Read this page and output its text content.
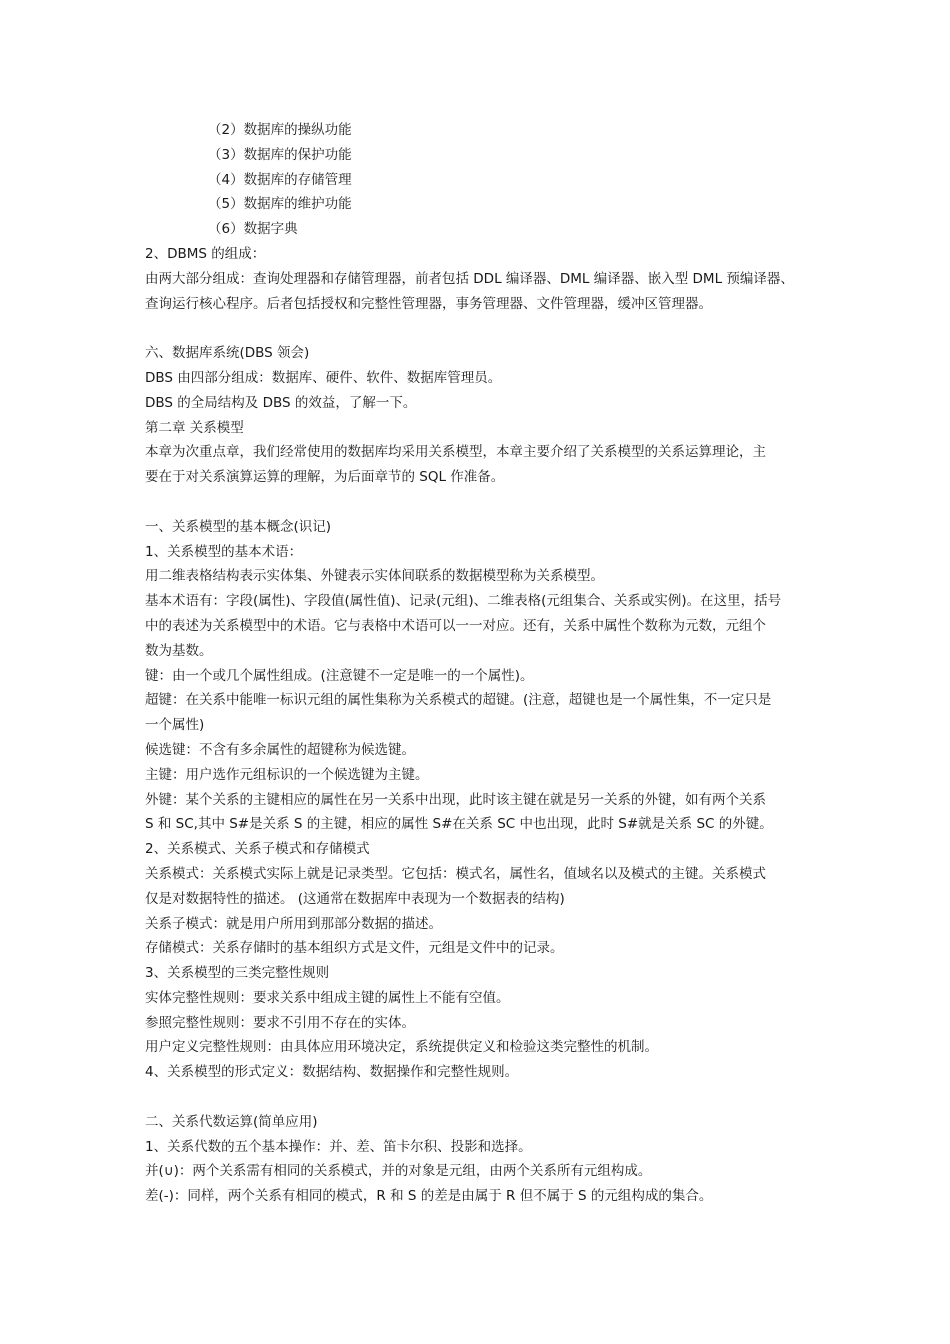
（2）数据库的操纵功能
（3）数据库的保护功能
（4）数据库的存储管理
（5）数据库的维护功能
（6）数据字典
2、DBMS 的组成：
由两大部分组成：查询处理器和存储管理器，前者包括 DDL 编译器、DML 编译器、嵌入型 DML 预编译器、
查询运行核心程序。后者包括授权和完整性管理器，事务管理器、文件管理器，缓冲区管理器。
六、数据库系统(DBS 领会)
DBS 由四部分组成：数据库、硬件、软件、数据库管理员。
DBS 的全局结构及 DBS 的效益，了解一下。
第二章 关系模型
本章为次重点章，我们经常使用的数据库均采用关系模型，本章主要介绍了关系模型的关系运算理论，主
要在于对关系演算运算的理解，为后面章节的 SQL 作准备。
一、关系模型的基本概念(识记)
1、关系模型的基本术语：
用二维表格结构表示实体集、外键表示实体间联系的数据模型称为关系模型。
基本术语有：字段(属性)、字段值(属性值)、记录(元组)、二维表格(元组集合、关系或实例)。在这里，括号
中的表述为关系模型中的术语。它与表格中术语可以一一对应。还有，关系中属性个数称为元数，元组个
数为基数。
键：由一个或几个属性组成。(注意键不一定是唯一的一个属性)。
超键：在关系中能唯一标识元组的属性集称为关系模式的超键。(注意，超键也是一个属性集，不一定只是
一个属性)
候选键：不含有多余属性的超键称为候选键。
主键：用户选作元组标识的一个候选键为主键。
外键：某个关系的主键相应的属性在另一关系中出现，此时该主键在就是另一关系的外键，如有两个关系
S 和 SC,其中 S#是关系 S 的主键，相应的属性 S#在关系 SC 中也出现，此时 S#就是关系 SC 的外键。
2、关系模式、关系子模式和存储模式
关系模式：关系模式实际上就是记录类型。它包括：模式名，属性名，值域名以及模式的主键。关系模式
仅是对数据特性的描述。 (这通常在数据库中表现为一个数据表的结构)
关系子模式：就是用户所用到那部分数据的描述。
存储模式：关系存储时的基本组织方式是文件，元组是文件中的记录。
3、关系模型的三类完整性规则
实体完整性规则：要求关系中组成主键的属性上不能有空值。
参照完整性规则：要求不引用不存在的实体。
用户定义完整性规则：由具体应用环境决定，系统提供定义和检验这类完整性的机制。
4、关系模型的形式定义：数据结构、数据操作和完整性规则。
二、关系代数运算(简单应用)
1、关系代数的五个基本操作：并、差、笛卡尔积、投影和选择。
并(∪)：两个关系需有相同的关系模式，并的对象是元组，由两个关系所有元组构成。
差(-)：同样，两个关系有相同的模式，R 和 S 的差是由属于 R 但不属于 S 的元组构成的集合。
